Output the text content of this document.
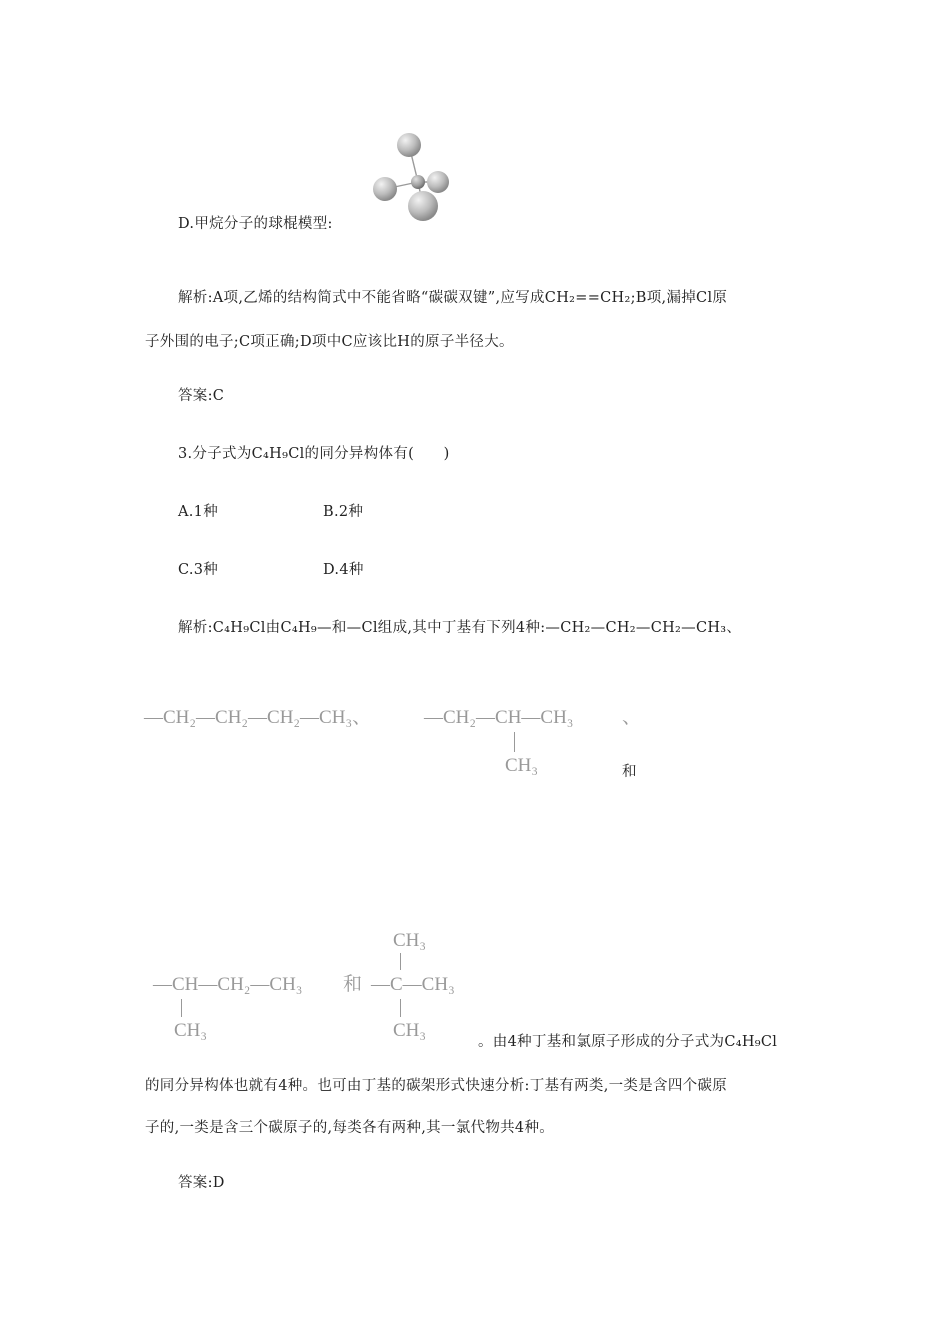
D.甲烷分子的球棍模型:
解析:A项,乙烯的结构简式中不能省略“碳碳双键”,应写成CH₂==CH₂;B项,漏掉Cl原
子外围的电子;C项正确;D项中C应该比H的原子半径大。
答案:C
3.分子式为C₄H₉Cl的同分异构体有(　　)
A.1种	B.2种
C.3种	D.4种
解析:C₄H₉Cl由C₄H₉—和—Cl组成,其中丁基有下列4种:—CH₂—CH₂—CH₂—CH₃、
—CH₂—CH₂—CH₂—CH₃、	—CH₂—CH—CH₃	、
CH₃	和
CH₃
—CH—CH₂—CH₃ 和 —C—CH₃
CH₃	CH₃
。由4种丁基和氯原子形成的分子式为C₄H₉Cl
的同分异构体也就有4种。也可由丁基的碳架形式快速分析:丁基有两类,一类是含四个碳原
子的,一类是含三个碳原子的,每类各有两种,其一氯代物共4种。
答案:D
